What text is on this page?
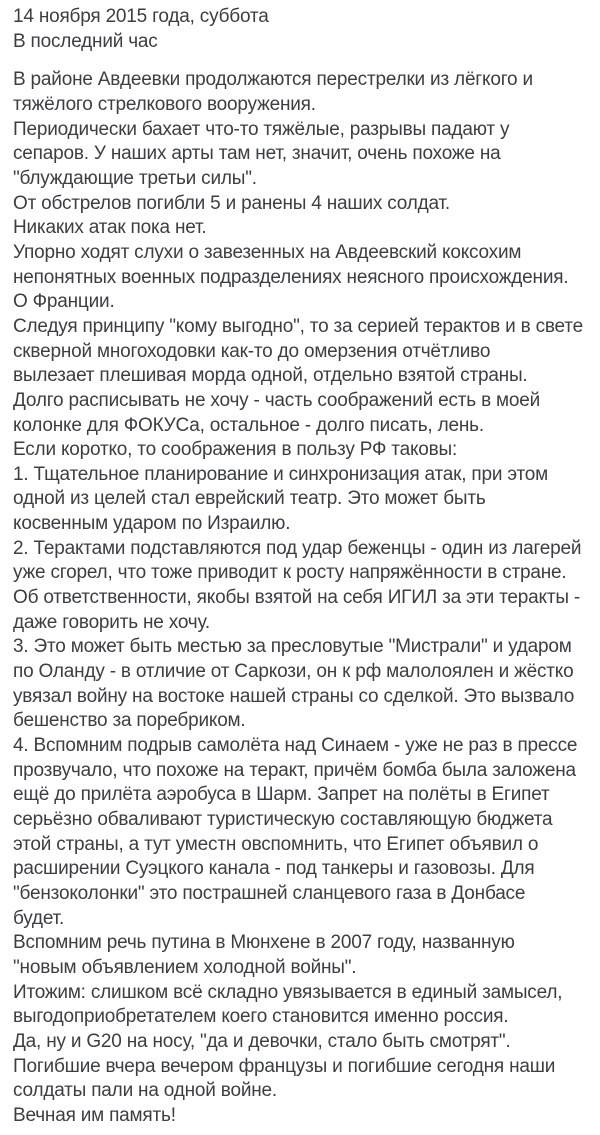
14 ноября 2015 года, суббота
В последний час
В районе Авдеевки продолжаются перестрелки из лёгкого и
тяжёлого стрелкового вооружения.
Периодически бахает что-то тяжёлые, разрывы падают у
сепаров. У наших арты там нет, значит, очень похоже на
"блуждающие третьи силы".
От обстрелов погибли 5 и ранены 4 наших солдат.
Никаких атак пока нет.
Упорно ходят слухи о завезенных на Авдеевский коксохим
непонятных военных подразделениях неясного происхождения.
О Франции.
Следуя принципу "кому выгодно", то за серией терактов и в свете
скверной многоходовки как-то до омерзения отчётливо
вылезает плешивая морда одной, отдельно взятой страны.
Долго расписывать не хочу - часть соображений есть в моей
колонке для ФОКУСа, остальное - долго писать, лень.
Если коротко, то соображения в пользу РФ таковы:
1. Тщательное планирование и синхронизация атак, при этом
одной из целей стал еврейский театр. Это может быть
косвенным ударом по Израилю.
2. Терактами подставляются под удар беженцы - один из лагерей
уже сгорел, что тоже приводит к росту напряжённости в стране.
Об ответственности, якобы взятой на себя ИГИЛ за эти теракты -
даже говорить не хочу.
3. Это может быть местью за пресловутые "Мистрали" и ударом
по Оланду - в отличие от Саркози, он к рф малолоялен и жёстко
увязал войну на востоке нашей страны со сделкой. Это вызвало
бешенство за поребриком.
4. Вспомним подрыв самолёта над Синаем - уже не раз в прессе
прозвучало, что похоже на теракт, причём бомба была заложена
ещё до прилёта аэробуса в Шарм. Запрет на полёты в Египет
серьёзно обваливают туристическую составляющую бюджета
этой страны, а тут уместн овспомнить, что Египет объявил о
расширении Суэцкого канала - под танкеры и газовозы. Для
"бензоколонки" это пострашней сланцевого газа в Донбасе
будет.
Вспомним речь путина в Мюнхене в 2007 году, названную
"новым объявлением холодной войны".
Итожим: слишком всё складно увязывается в единый замысел,
выгодоприобретателем коего становится именно россия.
Да, ну и G20 на носу, "да и девочки, стало быть смотрят".
Погибшие вчера вечером французы и погибшие сегодня наши
солдаты пали на одной войне.
Вечная им память!
